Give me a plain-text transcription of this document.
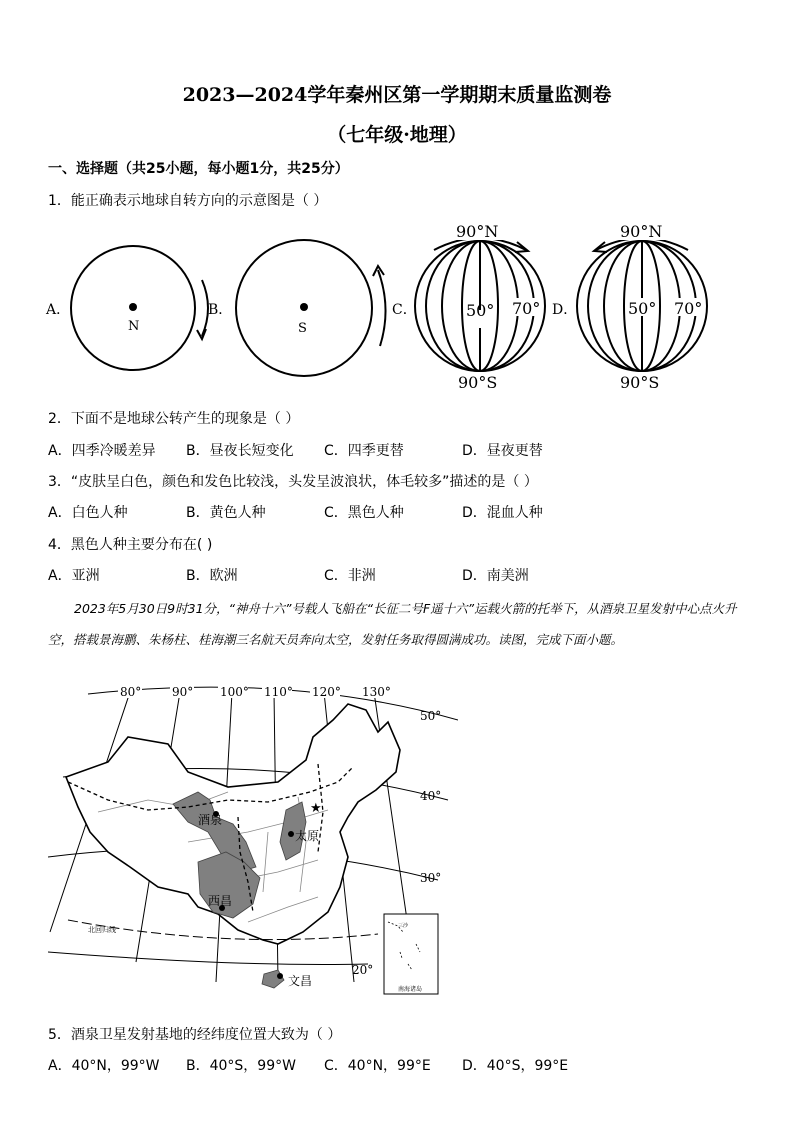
2023—2024学年秦州区第一学期期末质量监测卷
（七年级·地理）
一、选择题（共25小题，每小题1分，共25分）
1．能正确表示地球自转方向的示意图是（ ）
A．
N
B．
S
C．
90°N
50° 70°
90°S
D．
90°N
50° 70°
90°S
2．下面不是地球公转产生的现象是（ ）
A．四季冷暖差异 B．昼夜长短变化 C．四季更替	D．昼夜更替
3．“皮肤呈白色，颜色和发色比较浅，头发呈波浪状，体毛较多”描述的是（ ）
A．白色人种	B．黄色人种	C．黑色人种	D．混血人种
4．黑色人种主要分布在( )
A．亚洲	B．欧洲	C．非洲	D．南美洲
2023年5月30日9时31分，“神舟十六”号载人飞船在“长征二号F遥十六”运载火箭的托举下，从酒泉卫星发射中心点火升空，搭载景海鹏、朱杨柱、桂海潮三名航天员奔向太空，发射任务取得圆满成功。读图，完成下面小题。
80°	90° 100° 110° 120° 130°
50°
40°
30°
20°
北回归线
★
酒泉
太原
西昌
文昌
三沙
南海诸岛
5．酒泉卫星发射基地的经纬度位置大致为（ ）
A．40°N，99°W B．40°S，99°W C．40°N，99°E D．40°S，99°E
